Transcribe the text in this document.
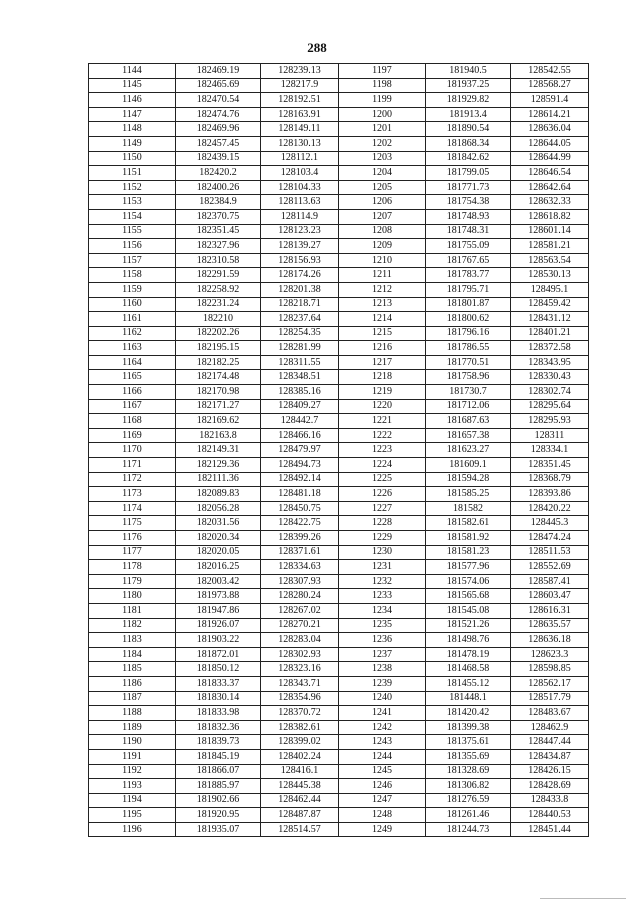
288
1144	182469.19	128239.13	1197	181940.5	128542.55
1145	182465.69	128217.9	1198	181937.25	128568.27
1146	182470.54	128192.51	1199	181929.82	128591.4
1147	182474.76	128163.91	1200	181913.4	128614.21
1148	182469.96	128149.11	1201	181890.54	128636.04
1149	182457.45	128130.13	1202	181868.34	128644.05
1150	182439.15	128112.1	1203	181842.62	128644.99
1151	182420.2	128103.4	1204	181799.05	128646.54
1152	182400.26	128104.33	1205	181771.73	128642.64
1153	182384.9	128113.63	1206	181754.38	128632.33
1154	182370.75	128114.9	1207	181748.93	128618.82
1155	182351.45	128123.23	1208	181748.31	128601.14
1156	182327.96	128139.27	1209	181755.09	128581.21
1157	182310.58	128156.93	1210	181767.65	128563.54
1158	182291.59	128174.26	1211	181783.77	128530.13
1159	182258.92	128201.38	1212	181795.71	128495.1
1160	182231.24	128218.71	1213	181801.87	128459.42
1161	182210	128237.64	1214	181800.62	128431.12
1162	182202.26	128254.35	1215	181796.16	128401.21
1163	182195.15	128281.99	1216	181786.55	128372.58
1164	182182.25	128311.55	1217	181770.51	128343.95
1165	182174.48	128348.51	1218	181758.96	128330.43
1166	182170.98	128385.16	1219	181730.7	128302.74
1167	182171.27	128409.27	1220	181712.06	128295.64
1168	182169.62	128442.7	1221	181687.63	128295.93
1169	182163.8	128466.16	1222	181657.38	128311
1170	182149.31	128479.97	1223	181623.27	128334.1
1171	182129.36	128494.73	1224	181609.1	128351.45
1172	182111.36	128492.14	1225	181594.28	128368.79
1173	182089.83	128481.18	1226	181585.25	128393.86
1174	182056.28	128450.75	1227	181582	128420.22
1175	182031.56	128422.75	1228	181582.61	128445.3
1176	182020.34	128399.26	1229	181581.92	128474.24
1177	182020.05	128371.61	1230	181581.23	128511.53
1178	182016.25	128334.63	1231	181577.96	128552.69
1179	182003.42	128307.93	1232	181574.06	128587.41
1180	181973.88	128280.24	1233	181565.68	128603.47
1181	181947.86	128267.02	1234	181545.08	128616.31
1182	181926.07	128270.21	1235	181521.26	128635.57
1183	181903.22	128283.04	1236	181498.76	128636.18
1184	181872.01	128302.93	1237	181478.19	128623.3
1185	181850.12	128323.16	1238	181468.58	128598.85
1186	181833.37	128343.71	1239	181455.12	128562.17
1187	181830.14	128354.96	1240	181448.1	128517.79
1188	181833.98	128370.72	1241	181420.42	128483.67
1189	181832.36	128382.61	1242	181399.38	128462.9
1190	181839.73	128399.02	1243	181375.61	128447.44
1191	181845.19	128402.24	1244	181355.69	128434.87
1192	181866.07	128416.1	1245	181328.69	128426.15
1193	181885.97	128445.38	1246	181306.82	128428.69
1194	181902.66	128462.44	1247	181276.59	128433.8
1195	181920.95	128487.87	1248	181261.46	128440.53
1196	181935.07	128514.57	1249	181244.73	128451.44
